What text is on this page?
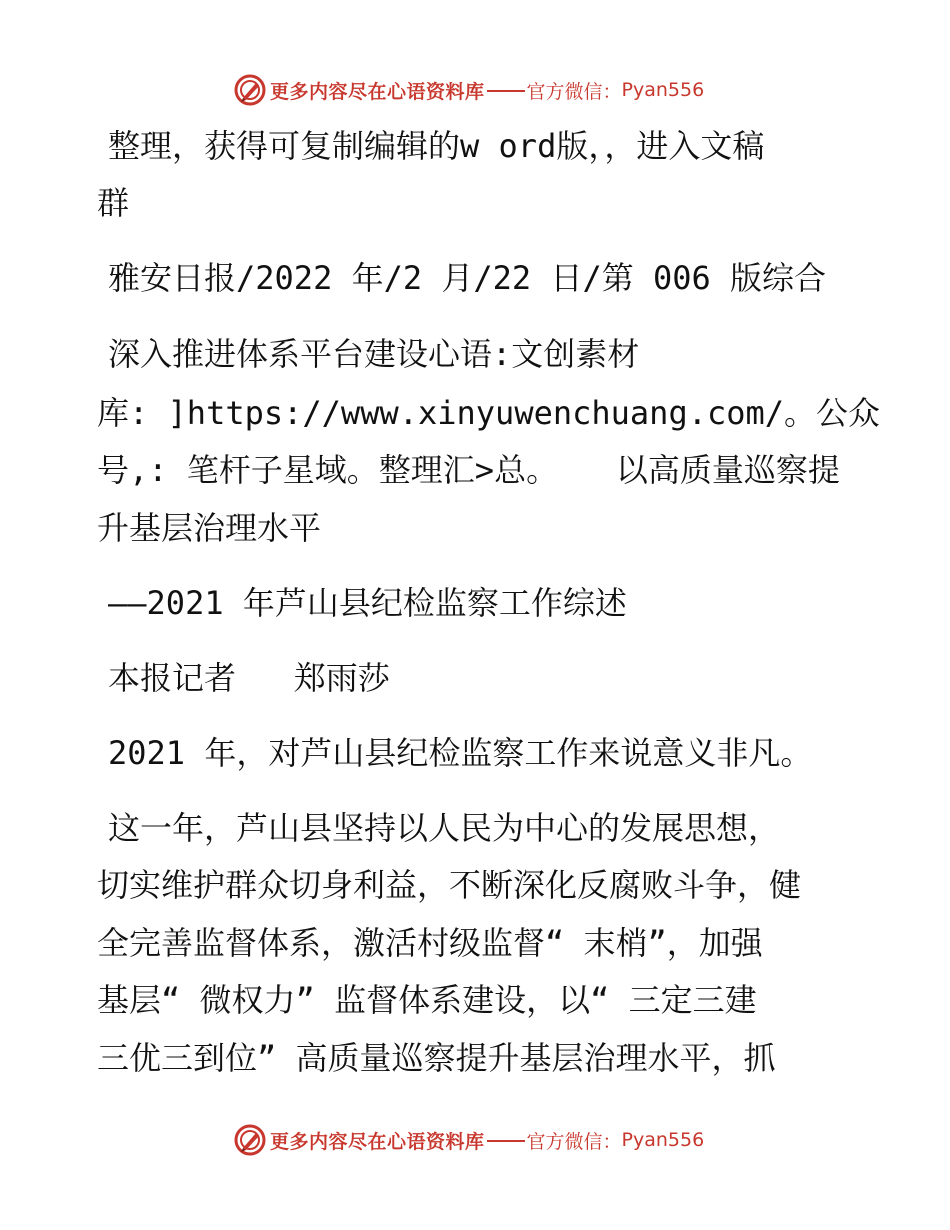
更多内容尽在心语资料库 官方微信： Pyan556
整理，获得可复制编辑的w ord版，，进入文稿
群
雅安日报/2022 年/2 月/22 日/第 006 版综合
深入推进体系平台建设心语:文创素材
库: ]https://www.xinyuwenchuang.com/。公众
号,: 笔杆子星域。整理汇>总。   以高质量巡察提
升基层治理水平
——2021 年芦山县纪检监察工作综述
本报记者   郑雨莎
2021 年，对芦山县纪检监察工作来说意义非凡。
这一年，芦山县坚持以人民为中心的发展思想，
切实维护群众切身利益，不断深化反腐败斗争，健
全完善监督体系，激活村级监督“ 末梢”，加强
基层“ 微权力” 监督体系建设，以“ 三定三建
三优三到位” 高质量巡察提升基层治理水平，抓
更多内容尽在心语资料库 官方微信： Pyan556
